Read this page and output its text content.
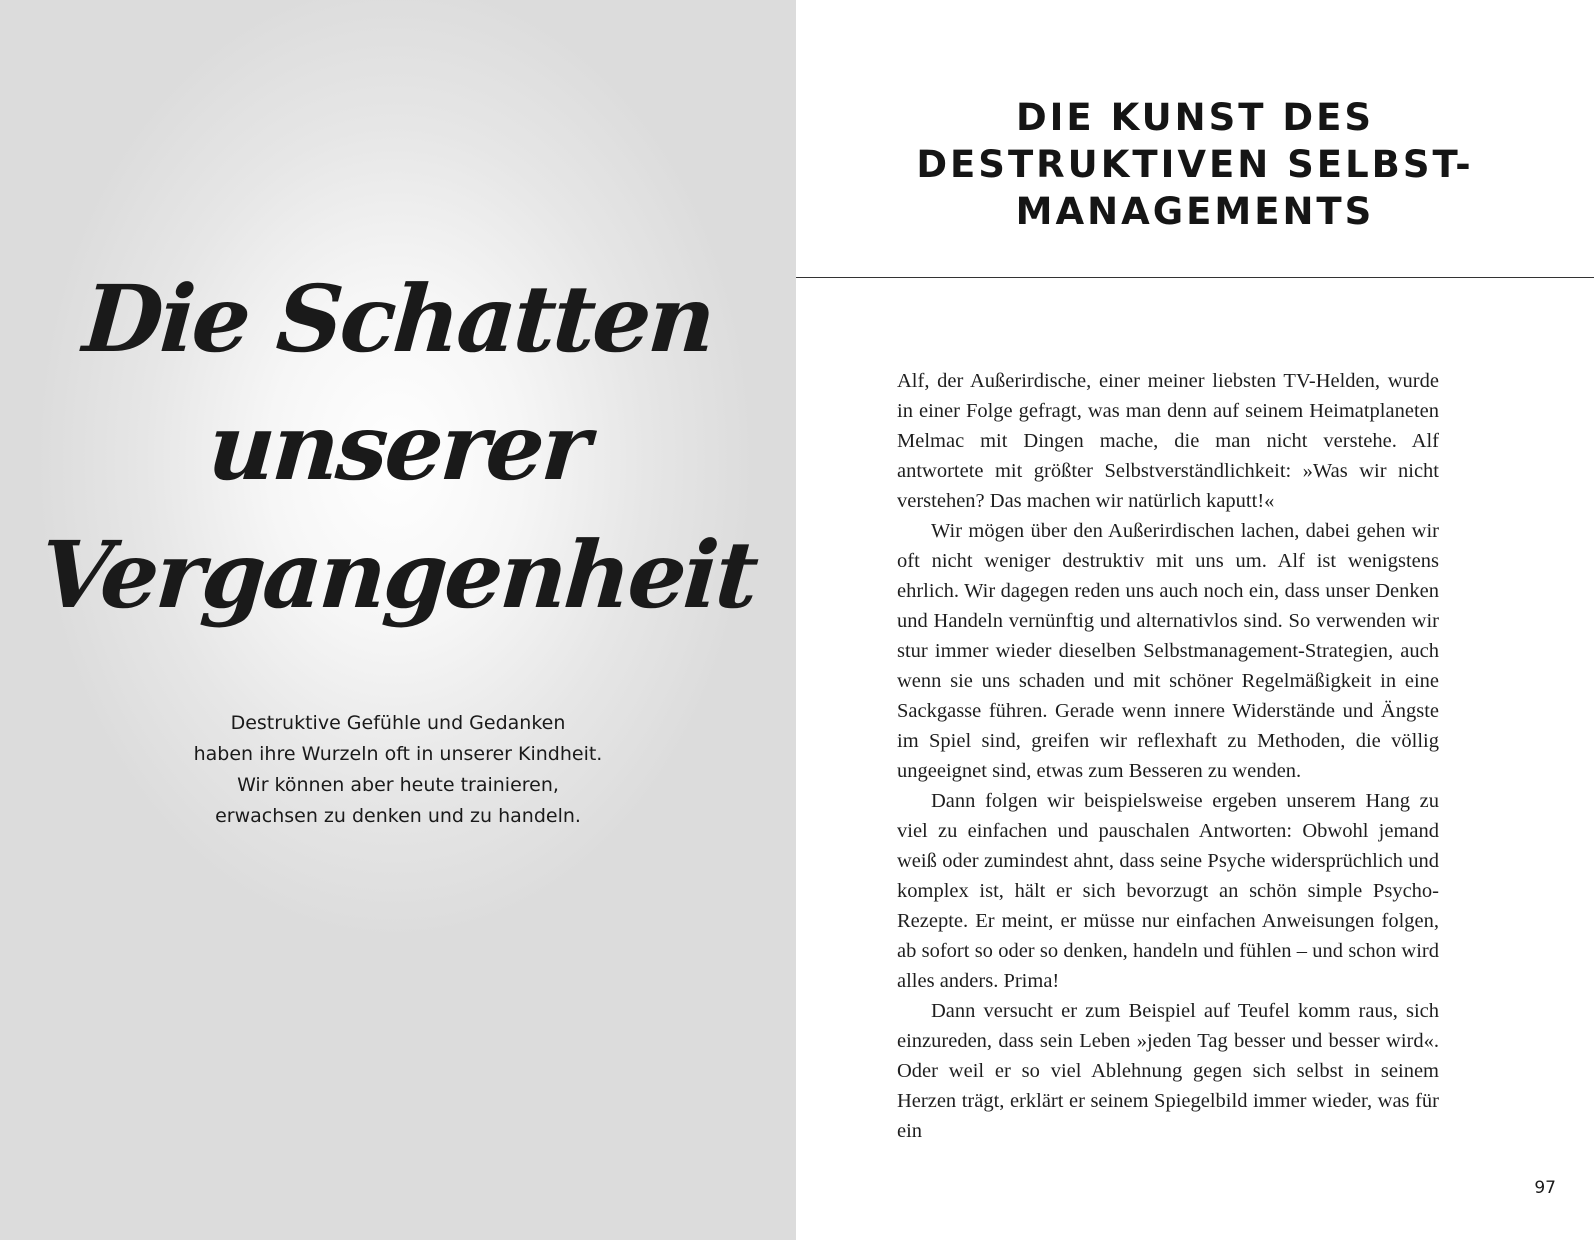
Die Schatten
unserer
Vergangenheit
Destruktive Gefühle und Gedanken
haben ihre Wurzeln oft in unserer Kindheit.
Wir können aber heute trainieren,
erwachsen zu denken und zu handeln.
DIE KUNST DES
DESTRUKTIVEN SELBST-
MANAGEMENTS

Alf, der Außerirdische, einer meiner liebsten TV-Helden, wurde in einer Folge gefragt, was man denn auf seinem Heimatplaneten Melmac mit Dingen mache, die man nicht verstehe. Alf antwortete mit größter Selbstverständlichkeit: »Was wir nicht verstehen? Das machen wir natürlich kaputt!«

Wir mögen über den Außerirdischen lachen, dabei gehen wir oft nicht weniger destruktiv mit uns um. Alf ist wenigstens ehrlich. Wir dagegen reden uns auch noch ein, dass unser Denken und Handeln vernünftig und alternativlos sind. So verwenden wir stur immer wieder dieselben Selbstmanagement-Strategien, auch wenn sie uns schaden und mit schöner Regelmäßigkeit in eine Sackgasse führen. Gerade wenn innere Widerstände und Ängste im Spiel sind, greifen wir reflexhaft zu Methoden, die völlig ungeeignet sind, etwas zum Besseren zu wenden.

Dann folgen wir beispielsweise ergeben unserem Hang zu viel zu einfachen und pauschalen Antworten: Obwohl jemand weiß oder zumindest ahnt, dass seine Psyche widersprüchlich und komplex ist, hält er sich bevorzugt an schön simple Psycho-Rezepte. Er meint, er müsse nur einfachen Anweisungen folgen, ab sofort so oder so denken, handeln und fühlen – und schon wird alles anders. Prima!

Dann versucht er zum Beispiel auf Teufel komm raus, sich einzureden, dass sein Leben »jeden Tag besser und besser wird«. Oder weil er so viel Ablehnung gegen sich selbst in seinem Herzen trägt, erklärt er seinem Spiegelbild immer wieder, was für ein

97
